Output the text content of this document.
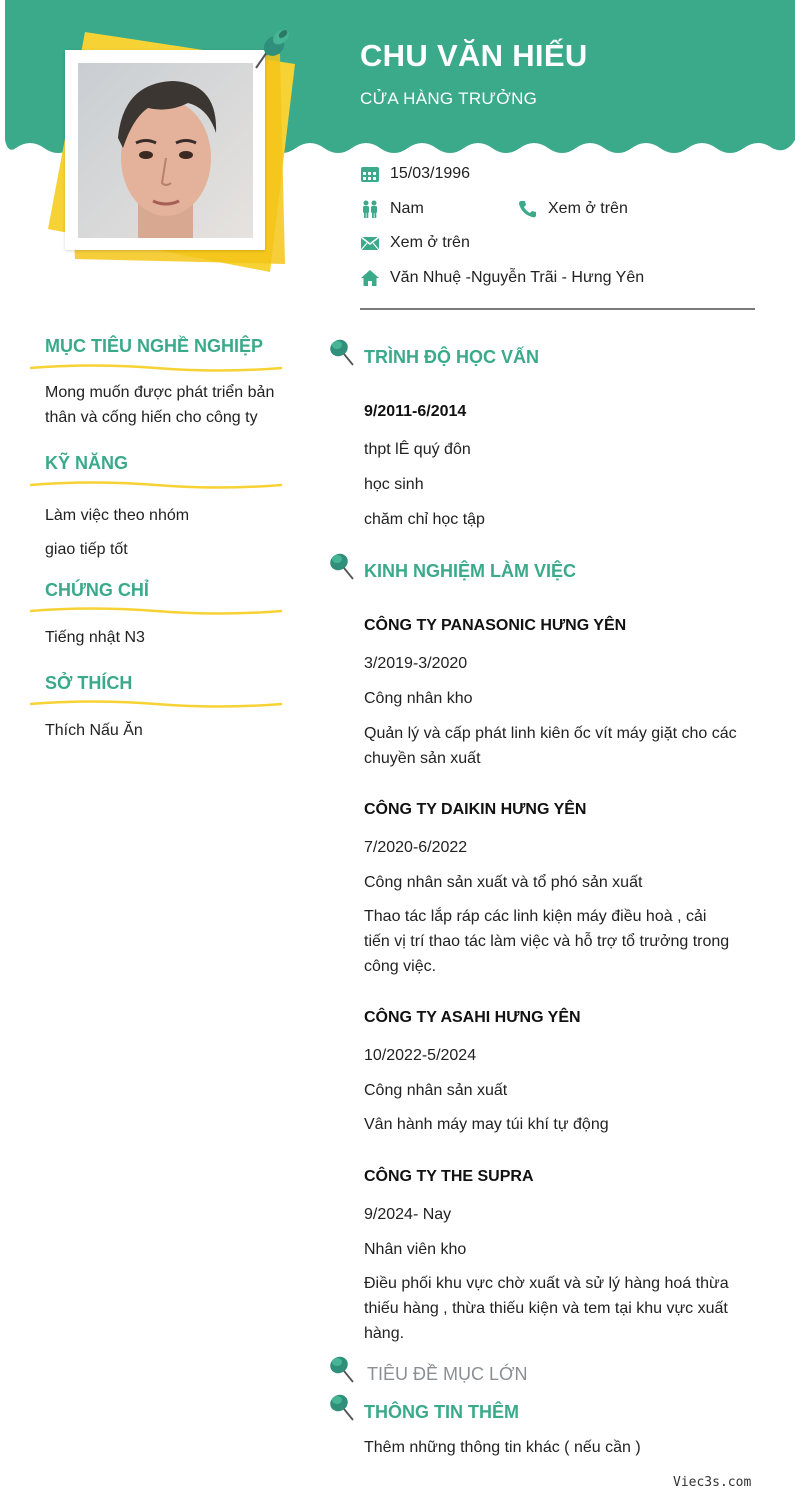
CHU VĂN HIẾU
CỬA HÀNG TRƯỞNG
15/03/1996
Nam	Xem ở trên
Xem ở trên
Văn Nhuệ -Nguyễn Trãi - Hưng Yên
MỤC TIÊU NGHỀ NGHIỆP
Mong muốn được phát triển bản
thân và cống hiến cho công ty
KỸ NĂNG
Làm việc theo nhóm
giao tiếp tốt
CHỨNG CHỈ
Tiếng nhật N3
SỞ THÍCH
Thích Nấu Ăn
TRÌNH ĐỘ HỌC VẤN
9/2011-6/2014
thpt lÊ quý đôn
học sinh
chăm chỉ học tập
KINH NGHIỆM LÀM VIỆC
CÔNG TY PANASONIC HƯNG YÊN
3/2019-3/2020
Công nhân kho
Quản lý và cấp phát linh kiên ốc vít máy giặt cho các chuyền sản xuất
CÔNG TY DAIKIN HƯNG YÊN
7/2020-6/2022
Công nhân sản xuất và tổ phó sản xuất
Thao tác lắp ráp các linh kiện máy điều hoà , cải tiến vị trí thao tác làm việc và hỗ trợ tổ trưởng trong công việc.
CÔNG TY ASAHI HƯNG YÊN
10/2022-5/2024
Công nhân sản xuất
Vân hành máy may túi khí tự động
CÔNG TY THE SUPRA
9/2024- Nay
Nhân viên kho
Điều phối khu vực chờ xuất và sử lý hàng hoá thừa thiếu hàng , thừa thiếu kiện và tem tại khu vực xuất hàng.
TIÊU ĐỀ MỤC LỚN
THÔNG TIN THÊM
Thêm những thông tin khác ( nếu cần )
Viec3s.com
